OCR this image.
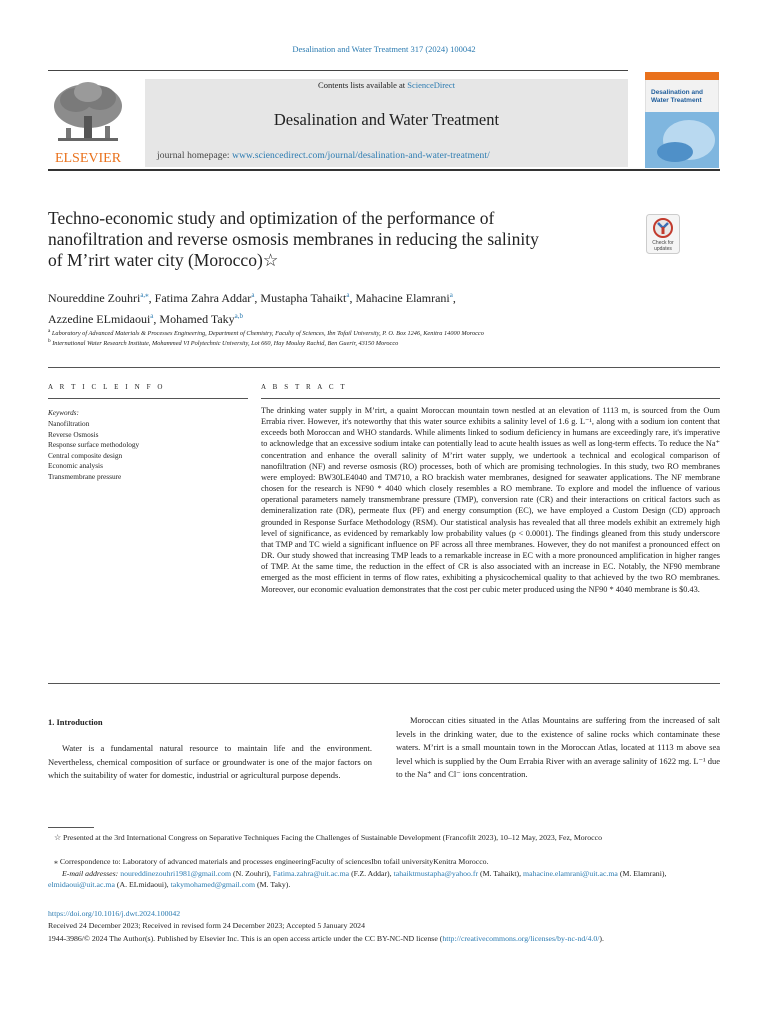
Desalination and Water Treatment 317 (2024) 100042
ELSEVIER
Contents lists available at ScienceDirect
Desalination and Water Treatment
journal homepage: www.sciencedirect.com/journal/desalination-and-water-treatment/
Desalination and
Water Treatment
Techno-economic study and optimization of the performance of nanofiltration and reverse osmosis membranes in reducing the salinity of M’rirt water city (Morocco)☆
Check for
updates
Noureddine Zouhri$^{a,⁎}$, Fatima Zahra Addar$^a$, Mustapha Tahaikt$^a$, Mahacine Elamrani$^a$,
Azzedine ELmidaoui$^a$, Mohamed Taky$^{a,b}$
$^a$ Laboratory of Advanced Materials & Processes Engineering, Department of Chemistry, Faculty of Sciences, Ibn Tofail University, P. O. Box 1246, Kenitra 14000 Morocco
$^b$ International Water Research Institute, Mohammed VI Polytechnic University, Lot 660, Hay Moulay Rachid, Ben Guerir, 43150 Morocco
A R T I C L E I N F O
Keywords:
Nanofiltration
Reverse Osmosis
Response surface methodology
Central composite design
Economic analysis
Transmembrane pressure
A B S T R A C T
The drinking water supply in M’rirt, a quaint Moroccan mountain town nestled at an elevation of 1113 m, is sourced from the Oum Errabia river. However, it's noteworthy that this water source exhibits a salinity level of 1.6 g. L⁻¹, along with a sodium ion content that exceeds both Moroccan and WHO standards. While aliments linked to sodium deficiency in humans are exceedingly rare, it's imperative to acknowledge that an excessive sodium intake can potentially lead to acute health issues as well as long-term effects. To reduce the Na⁺ concentration and enhance the overall salinity of M’rirt water supply, we undertook a technical and ecological comparison of nanofiltration (NF) and reverse osmosis (RO) processes, both of which are promising technologies. In this study, two RO membranes were employed: BW30LE4040 and TM710, a RO brackish water membranes, designed for seawater applications. The NF membrane chosen for the research is NF90 * 4040 which closely resembles a RO membrane. To explore and model the influence of various operational parameters namely transmembrane pressure (TMP), conversion rate (CR) and their interactions on critical factors such as demineralization rate (DR), permeate flux (PF) and energy consumption (EC), we have employed a Custom Design (CD) approach grounded in Response Surface Methodology (RSM). Our statistical analysis has revealed that all three models exhibit an extremely high level of significance, as evidenced by remarkably low probability values (p < 0.0001). The findings gleaned from this study underscore that TMP and TC wield a significant influence on PF across all three membranes. However, they do not manifest a pronounced effect on DR. Our study showed that increasing TMP leads to a remarkable increase in EC with a more pronounced amplification in higher ranges of TMP. At the same time, the reduction in the effect of CR is also associated with an increase in EC. Notably, the NF90 membrane emerged as the most efficient in terms of flow rates, exhibiting a physicochemical quality to that achieved by the two RO membranes. Moreover, our economic evaluation demonstrates that the cost per cubic meter produced using the NF90 * 4040 membrane is $0.43.
1. Introduction
Water is a fundamental natural resource to maintain life and the environment. Nevertheless, chemical composition of surface or groundwater is one of the major factors on which the suitability of water for domestic, industrial or agricultural purpose depends.
Moroccan cities situated in the Atlas Mountains are suffering from the increased of salt levels in the drinking water, due to the existence of saline rocks which contaminate these waters. M’rirt is a small mountain town in the Moroccan Atlas, located at 1113 m above sea level which is supplied by the Oum Errabia River with an average salinity of 1622 mg. L⁻¹ due to the Na⁺ and Cl⁻ ions concentration.
☆ Presented at the 3rd International Congress on Separative Techniques Facing the Challenges of Sustainable Development (Francofilt 2023), 10–12 May, 2023, Fez, Morocco
⁎ Correspondence to: Laboratory of advanced materials and processes engineeringFaculty of sciencesIbn tofail universityKenitra Morocco.
E-mail addresses: noureddinezouhri1981@gmail.com (N. Zouhri), Fatima.zahra@uit.ac.ma (F.Z. Addar), tahaiktmustapha@yahoo.fr (M. Tahaikt), mahacine.elamrani@uit.ac.ma (M. Elamrani), elmidaoui@uit.ac.ma (A. ELmidaoui), takymohamed@gmail.com (M. Taky).
https://doi.org/10.1016/j.dwt.2024.100042
Received 24 December 2023; Received in revised form 24 December 2023; Accepted 5 January 2024
1944-3986/© 2024 The Author(s). Published by Elsevier Inc. This is an open access article under the CC BY-NC-ND license (http://creativecommons.org/licenses/by-nc-nd/4.0/).
